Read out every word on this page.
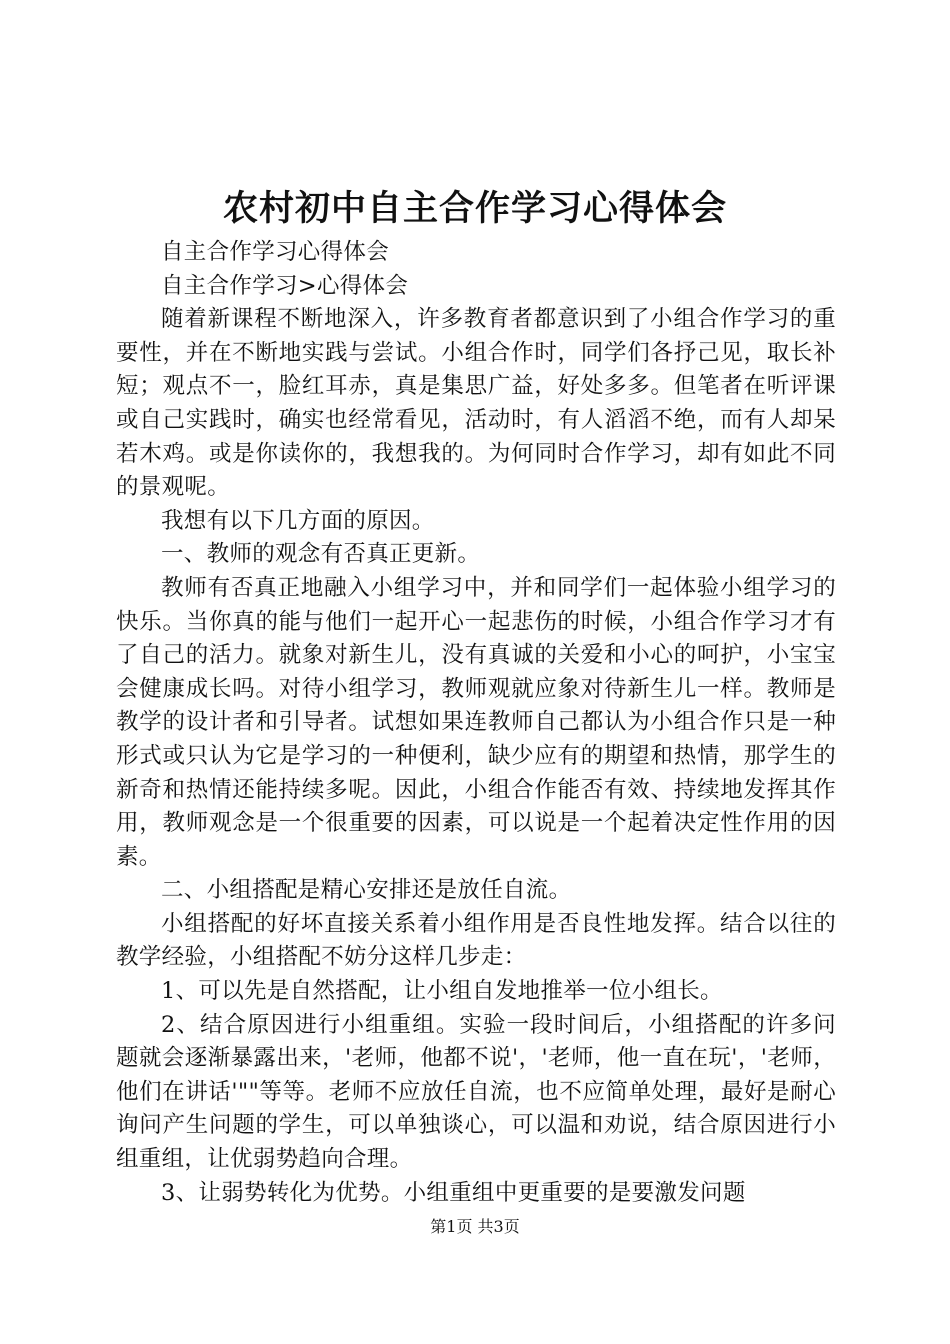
农村初中自主合作学习心得体会

自主合作学习心得体会

自主合作学习>心得体会

随着新课程不断地深入，许多教育者都意识到了小组合作学习的重要性，并在不断地实践与尝试。小组合作时，同学们各抒己见，取长补短；观点不一，脸红耳赤，真是集思广益，好处多多。但笔者在听评课或自己实践时，确实也经常看见，活动时，有人滔滔不绝，而有人却呆若木鸡。或是你读你的，我想我的。为何同时合作学习，却有如此不同的景观呢。

我想有以下几方面的原因。

一、教师的观念有否真正更新。

教师有否真正地融入小组学习中，并和同学们一起体验小组学习的快乐。当你真的能与他们一起开心一起悲伤的时候，小组合作学习才有了自己的活力。就象对新生儿，没有真诚的关爱和小心的呵护，小宝宝会健康成长吗。对待小组学习，教师观就应象对待新生儿一样。教师是教学的设计者和引导者。试想如果连教师自己都认为小组合作只是一种形式或只认为它是学习的一种便利，缺少应有的期望和热情，那学生的新奇和热情还能持续多呢。因此，小组合作能否有效、持续地发挥其作用，教师观念是一个很重要的因素，可以说是一个起着决定性作用的因素。

二、小组搭配是精心安排还是放任自流。

小组搭配的好坏直接关系着小组作用是否良性地发挥。结合以往的教学经验，小组搭配不妨分这样几步走：

1、可以先是自然搭配，让小组自发地推举一位小组长。

2、结合原因进行小组重组。实验一段时间后，小组搭配的许多问题就会逐渐暴露出来，'老师，他都不说'，'老师，他一直在玩'，'老师，他们在讲话'""等等。老师不应放任自流，也不应简单处理，最好是耐心询问产生问题的学生，可以单独谈心，可以温和劝说，结合原因进行小组重组，让优弱势趋向合理。

3、让弱势转化为优势。小组重组中更重要的是要激发问题

第1页 共3页
